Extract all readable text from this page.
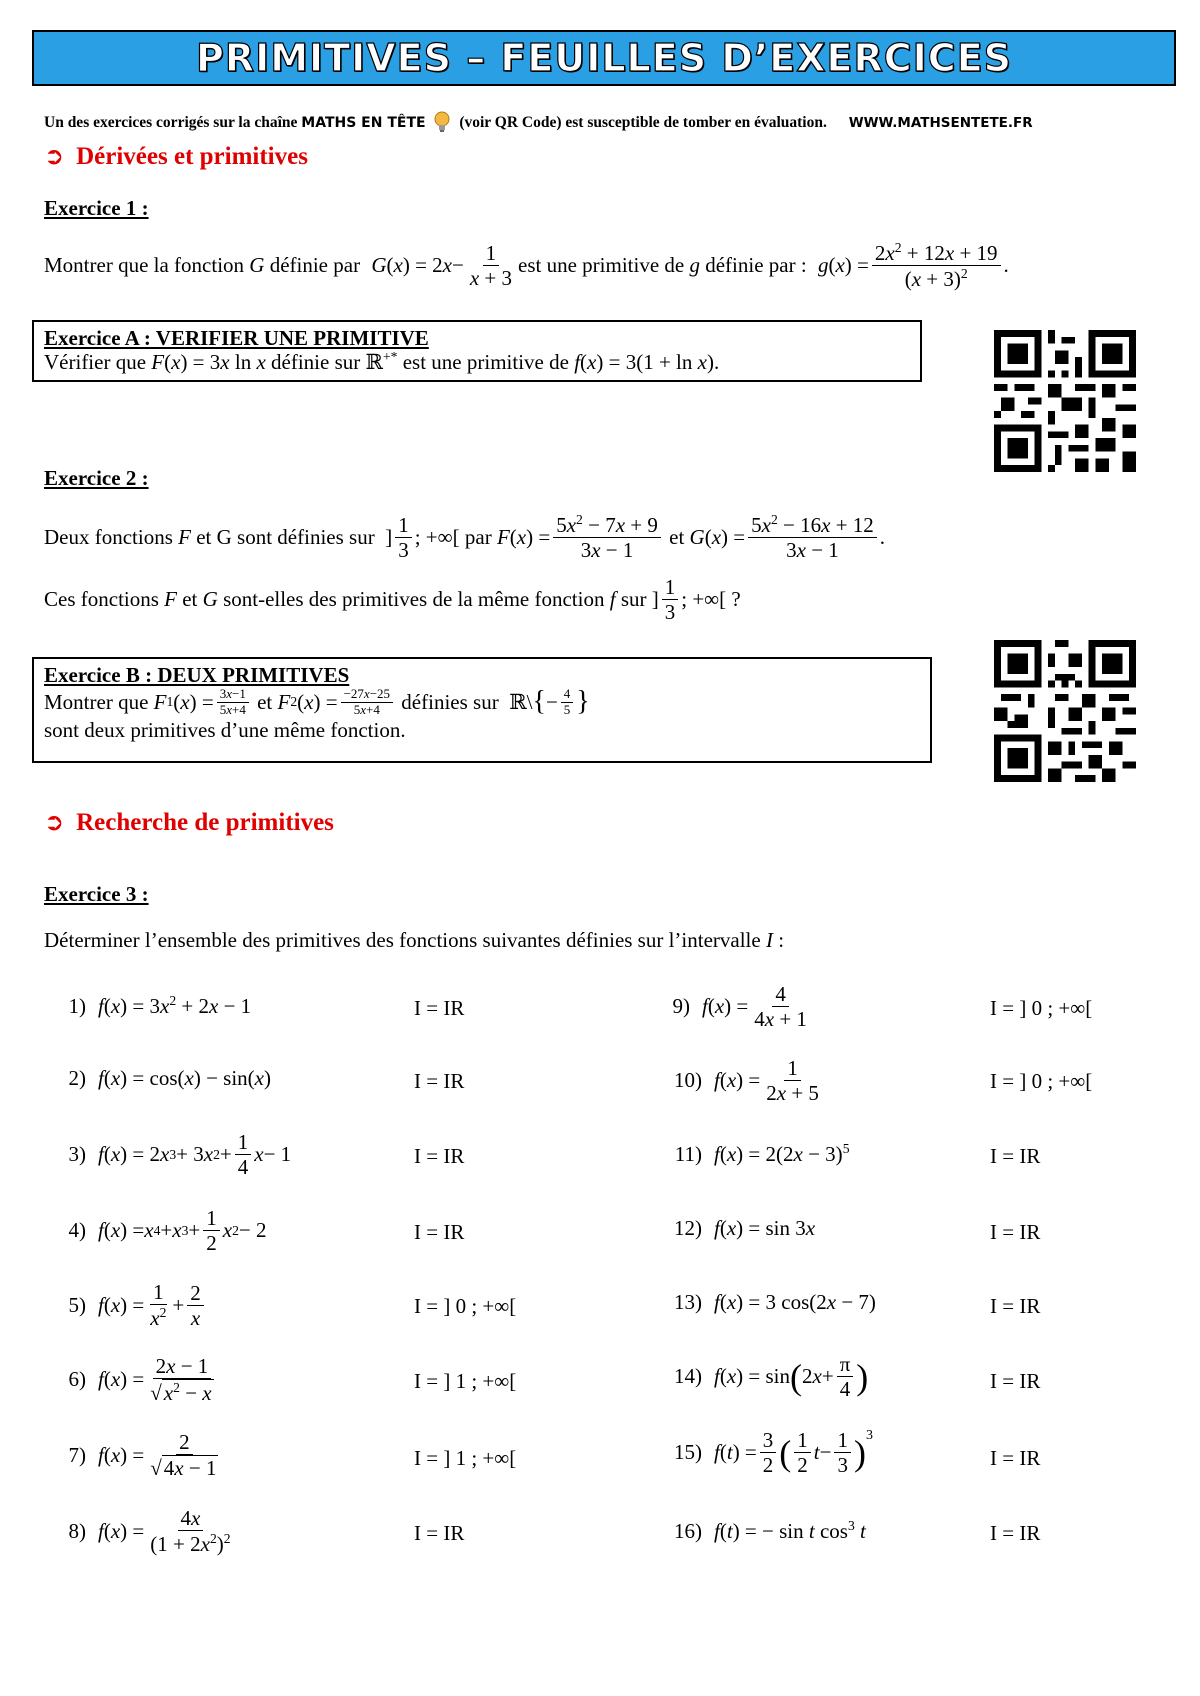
PRIMITIVES – FEUILLES D’EXERCICES
Un des exercices corrigés sur la chaîne MATHS EN TÊTE (voir QR Code) est susceptible de tomber en évaluation. WWW.MATHSENTETE.FR
➲ Dérivées et primitives
Exercice 1 :
Montrer que la fonction
G
définie par
G ( x ) = 2 $x - \frac{1}{x + 3}$ est une primitive de
g
définie par :
g ( x ) = $\frac{2x^2 + 12x + 19}{(x + 3)^2}$ .
Exercice A : VERIFIER UNE PRIMITIVE
Vérifier que F(x) = 3x ln x définie sur ℝ+* est une primitive de f(x) = 3(1 + ln x).
Exercice 2 :
Deux fonctions
F
et G sont définies sur ] $\frac{1}{3}$ ; +∞[ par
F ( x ) = $\frac{5x^2 - 7x + 9}{3x - 1}$
et
G ( x ) = $\frac{5x^2 - 16x + 12}{3x - 1}$ .
Ces fonctions
F
et
G
sont-elles des primitives de la même fonction
f
sur ] $\frac{1}{3}$ ; +∞[ ?
Exercice B : DEUX PRIMITIVES
Montrer que
F 1 ( x ) = $\frac{3x-1}{5x+4}$
et
F 2 ( x ) = $\frac{-27x-25}{5x+4}$
définies sur ℝ\ { − $\frac{4}{5}$ }
sont deux primitives d’une même fonction.
➲ Recherche de primitives
Exercice 3 :
Déterminer l’ensemble des primitives des fonctions suivantes définies sur l’intervalle
I
:
1) $f(x) = 3x^2 + 2x - 1$	I = IR
2) f(x) = cos(x) − sin(x)	I = IR
3) f ( x ) = 2 x 3 + 3 x $2 + \frac{1}{4}$ x − 1	I = IR
4) f ( x ) = x 4 + x $3 + \frac{1}{2}$ x 2 − 2	I = IR
5) f ( x ) = $\frac{1}{x^2} + \frac{2}{x}$	I = ] 0 ; +∞[
6) f ( x ) = $\frac{2x - 1}{√ x^2 - x}$	I = ] 1 ; +∞[
7) f ( x ) = $\frac{2}{√ 4x - 1}$	I = ] 1 ; +∞[
8) f ( x ) = $\frac{4x}{(1 + 2x^2)^2}$	I = IR
9) f ( x ) = $\frac{4}{4x + 1}$	I = ] 0 ; +∞[
10) f ( x ) = $\frac{1}{2x + 5}$	I = ] 0 ; +∞[
11) $f(x) = 2(2x - 3)^5$	I = IR
12) f(x) = sin 3x	I = IR
13) f(x) = 3 cos(2x − 7)	I = IR
14) f ( x ) = sin ( 2 $x + \frac{\pi}{4}$ )	I = IR
15) f ( t ) = $\frac{3}{2}$ ( $\frac{1}{2}$ $t - \frac{1}{3}$ ) 3
I = IR
16) f(t) = − sin t $\cos^3 t$	I = IR
